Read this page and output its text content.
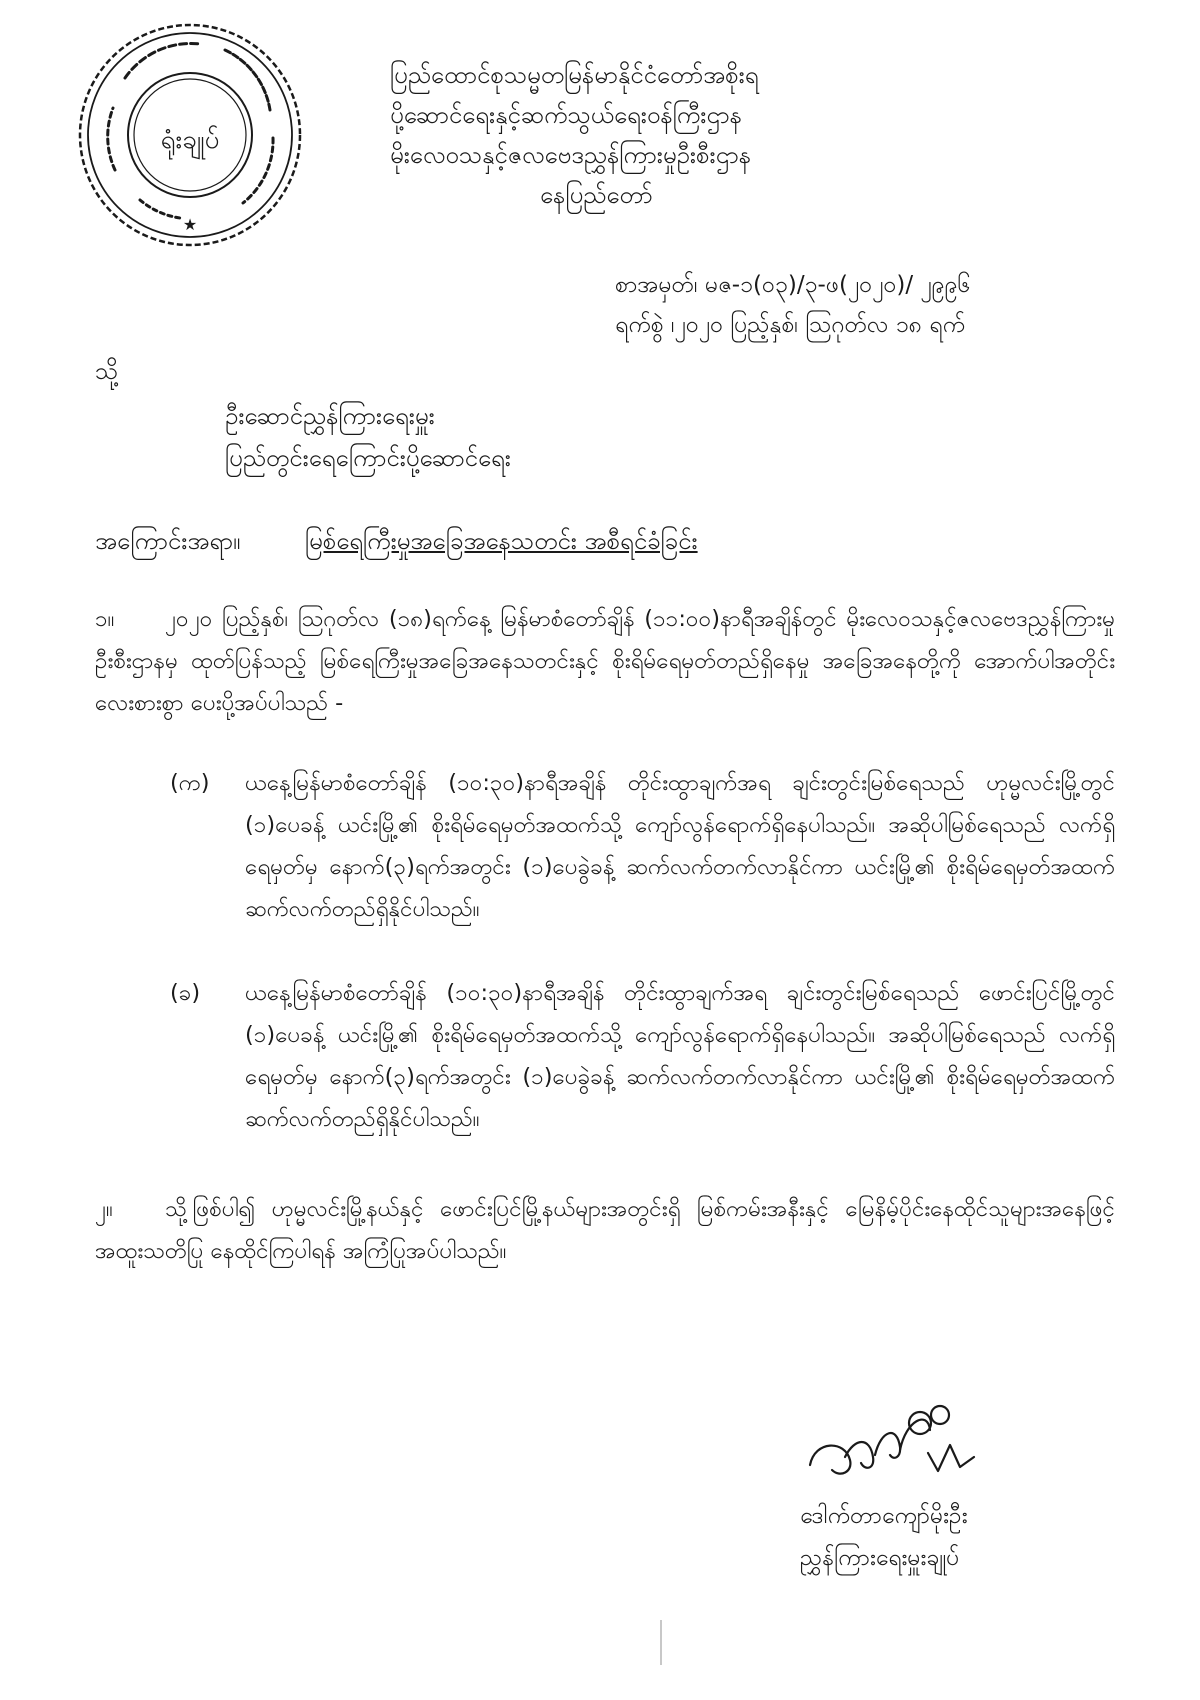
ရုံးချုပ်
★
ပြည်ထောင်စုသမ္မတမြန်မာနိုင်ငံတော်အစိုးရ
ပို့ဆောင်ရေးနှင့်ဆက်သွယ်ရေးဝန်ကြီးဌာန
မိုးလေဝသနှင့်ဇလဗေဒညွှန်ကြားမှုဦးစီးဌာန
နေပြည်တော်
စာအမှတ်၊ မဇ-၁(၀၃)/၃-ဖ(၂၀၂၀)/ ၂၉၉၆
ရက်စွဲ ၊၂၀၂၀ ပြည့်နှစ်၊ ဩဂုတ်လ ၁၈ ရက်
သို့
ဦးဆောင်ညွှန်ကြားရေးမှူး
ပြည်တွင်းရေကြောင်းပို့ဆောင်ရေး
အကြောင်းအရာ။	မြစ်ရေကြီးမှုအခြေအနေသတင်း အစီရင်ခံခြင်း
၁။ ၂၀၂၀ ပြည့်နှစ်၊ ဩဂုတ်လ (၁၈)ရက်နေ့ မြန်မာစံတော်ချိန် (၁၁:၀၀)နာရီအချိန်တွင် မိုးလေဝသနှင့်ဇလဗေဒညွှန်ကြားမှုဦးစီးဌာနမှ ထုတ်ပြန်သည့် မြစ်ရေကြီးမှုအခြေအနေသတင်းနှင့် စိုးရိမ်ရေမှတ်တည်ရှိနေမှု အခြေအနေတို့ကို အောက်ပါအတိုင်း လေးစားစွာ ပေးပို့အပ်ပါသည် -
(က) ယနေ့မြန်မာစံတော်ချိန် (၁၀:၃၀)နာရီအချိန် တိုင်းထွာချက်အရ ချင်းတွင်းမြစ်ရေသည် ဟုမ္မလင်းမြို့တွင် (၁)ပေခန့် ယင်းမြို့၏ စိုးရိမ်ရေမှတ်အထက်သို့ ကျော်လွန်ရောက်ရှိနေပါသည်။ အဆိုပါမြစ်ရေသည် လက်ရှိရေမှတ်မှ နောက်(၃)ရက်အတွင်း (၁)ပေခွဲခန့် ဆက်လက်တက်လာနိုင်ကာ ယင်းမြို့၏ စိုးရိမ်ရေမှတ်အထက် ဆက်လက်တည်ရှိနိုင်ပါသည်။
(ခ) ယနေ့မြန်မာစံတော်ချိန် (၁၀:၃၀)နာရီအချိန် တိုင်းထွာချက်အရ ချင်းတွင်းမြစ်ရေသည် ဖောင်းပြင်မြို့တွင် (၁)ပေခန့် ယင်းမြို့၏ စိုးရိမ်ရေမှတ်အထက်သို့ ကျော်လွန်ရောက်ရှိနေပါသည်။ အဆိုပါမြစ်ရေသည် လက်ရှိရေမှတ်မှ နောက်(၃)ရက်အတွင်း (၁)ပေခွဲခန့် ဆက်လက်တက်လာနိုင်ကာ ယင်းမြို့၏ စိုးရိမ်ရေမှတ်အထက် ဆက်လက်တည်ရှိနိုင်ပါသည်။
၂။ သို့ဖြစ်ပါ၍ ဟုမ္မလင်းမြို့နယ်နှင့် ဖောင်းပြင်မြို့နယ်များအတွင်းရှိ မြစ်ကမ်းအနီးနှင့် မြေနိမ့်ပိုင်းနေထိုင်သူများအနေဖြင့် အထူးသတိပြု နေထိုင်ကြပါရန် အကြံပြုအပ်ပါသည်။
ဒေါက်တာကျော်မိုးဦး
ညွှန်ကြားရေးမှူးချုပ်
